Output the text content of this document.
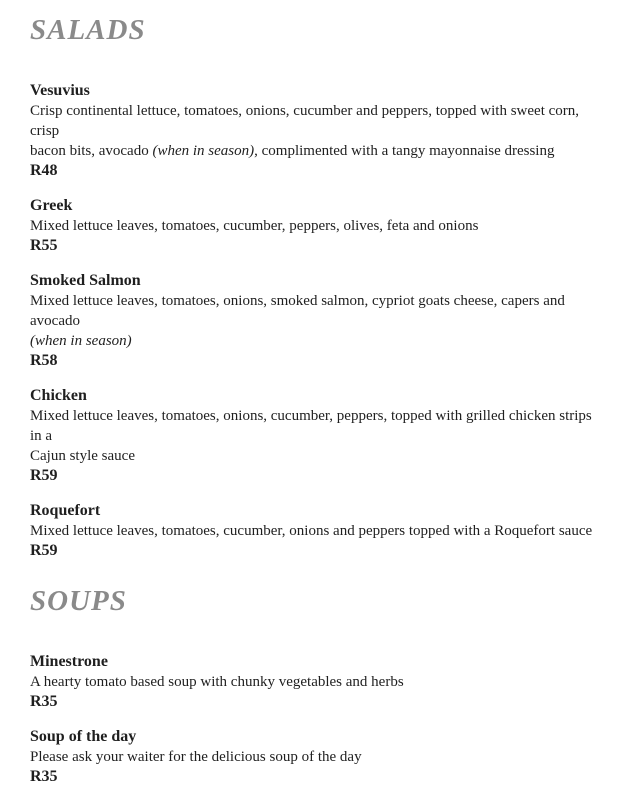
SALADS
Vesuvius
Crisp continental lettuce, tomatoes, onions, cucumber and peppers, topped with sweet corn, crisp
bacon bits, avocado (when in season), complimented with a tangy mayonnaise dressing
R48
Greek
Mixed lettuce leaves, tomatoes, cucumber, peppers, olives, feta and onions
R55
Smoked Salmon
Mixed lettuce leaves, tomatoes, onions, smoked salmon, cypriot goats cheese, capers and avocado
(when in season)
R58
Chicken
Mixed lettuce leaves, tomatoes, onions, cucumber, peppers, topped with grilled chicken strips in a
Cajun style sauce
R59
Roquefort
Mixed lettuce leaves, tomatoes, cucumber, onions and peppers topped with a Roquefort sauce
R59
SOUPS
Minestrone
A hearty tomato based soup with chunky vegetables and herbs
R35
Soup of the day
Please ask your waiter for the delicious soup of the day
R35
